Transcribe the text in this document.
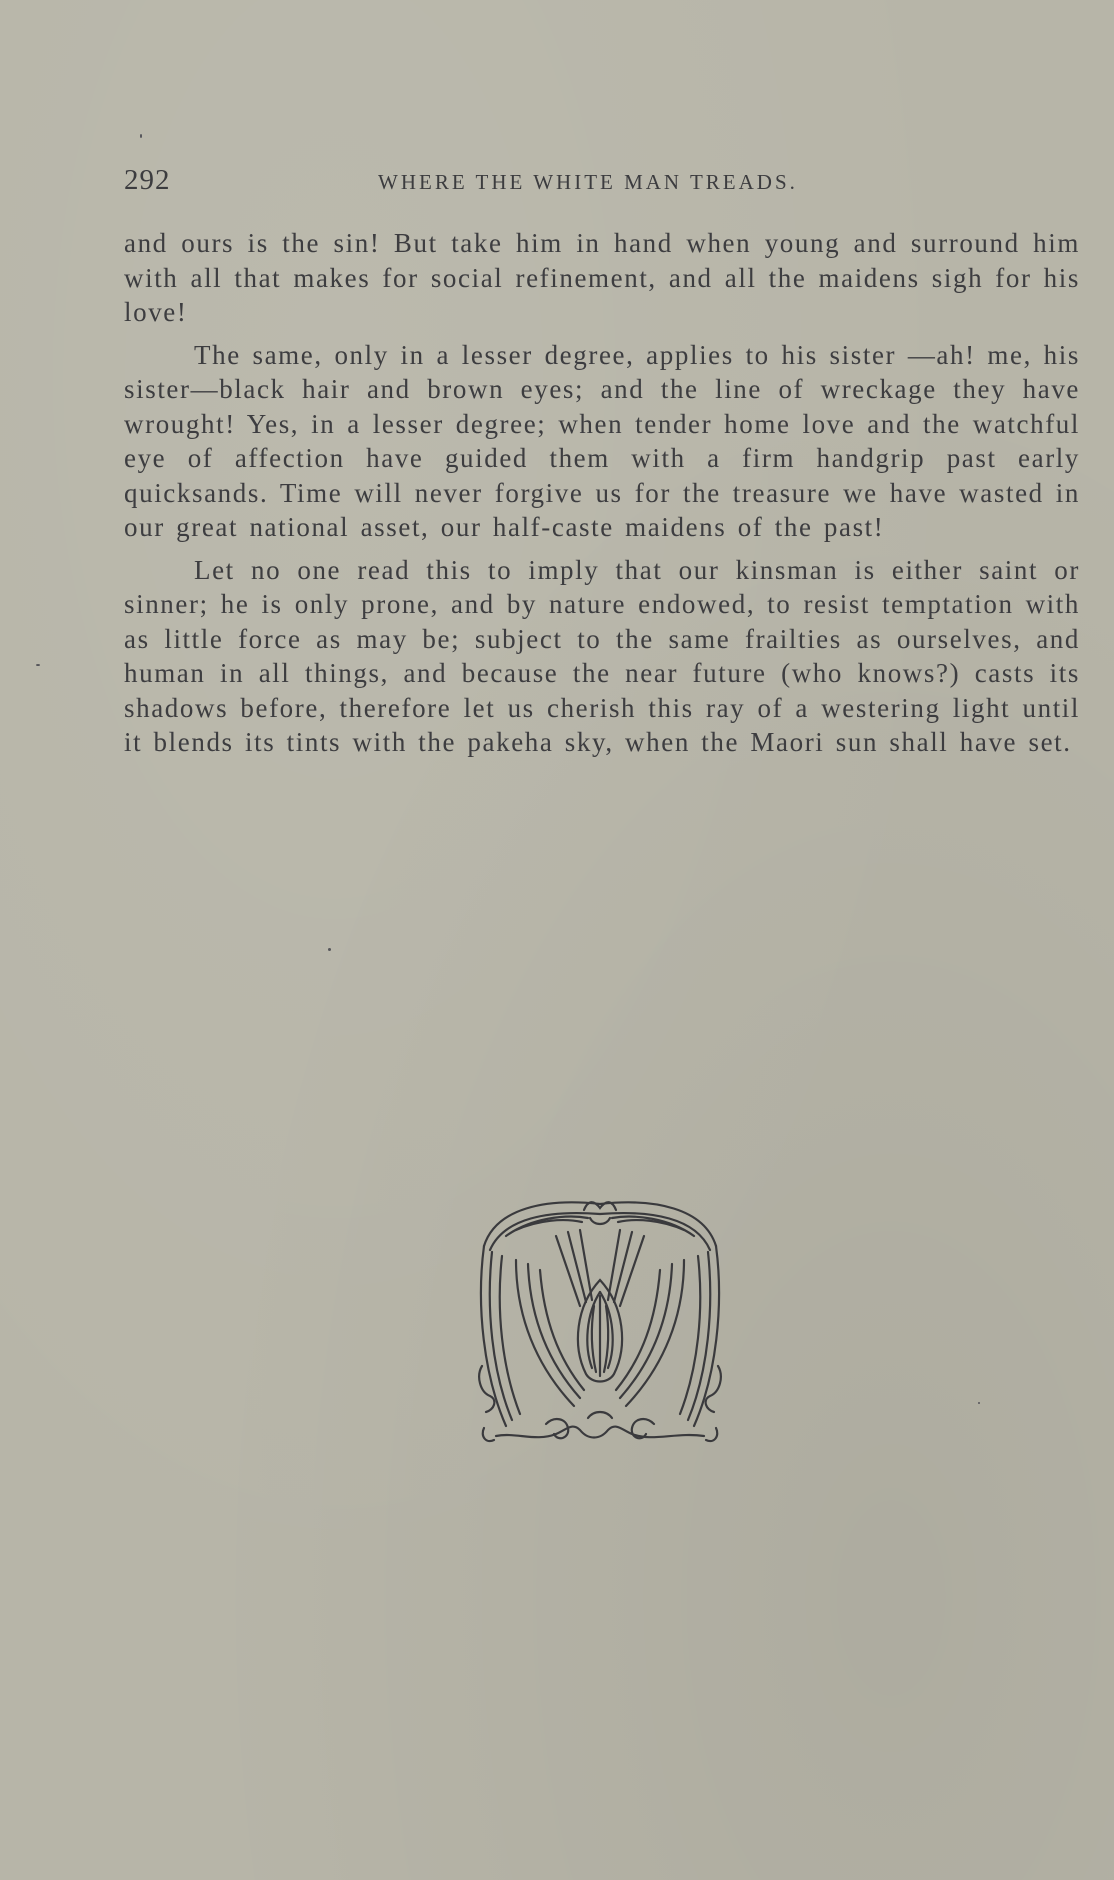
292	WHERE THE WHITE MAN TREADS.

and ours is the sin! But take him in hand when young and surround him with all that makes for social refinement, and all the maidens sigh for his love!

The same, only in a lesser degree, applies to his sister —ah! me, his sister—black hair and brown eyes; and the line of wreckage they have wrought! Yes, in a lesser degree; when tender home love and the watchful eye of affection have guided them with a firm handgrip past early quicksands. Time will never forgive us for the treasure we have wasted in our great national asset, our half-caste maidens of the past!

Let no one read this to imply that our kinsman is either saint or sinner; he is only prone, and by nature endowed, to resist temptation with as little force as may be; subject to the same frailties as ourselves, and human in all things, and because the near future (who knows?) casts its shadows before, therefore let us cherish this ray of a westering light until it blends its tints with the pakeha sky, when the Maori sun shall have set.
